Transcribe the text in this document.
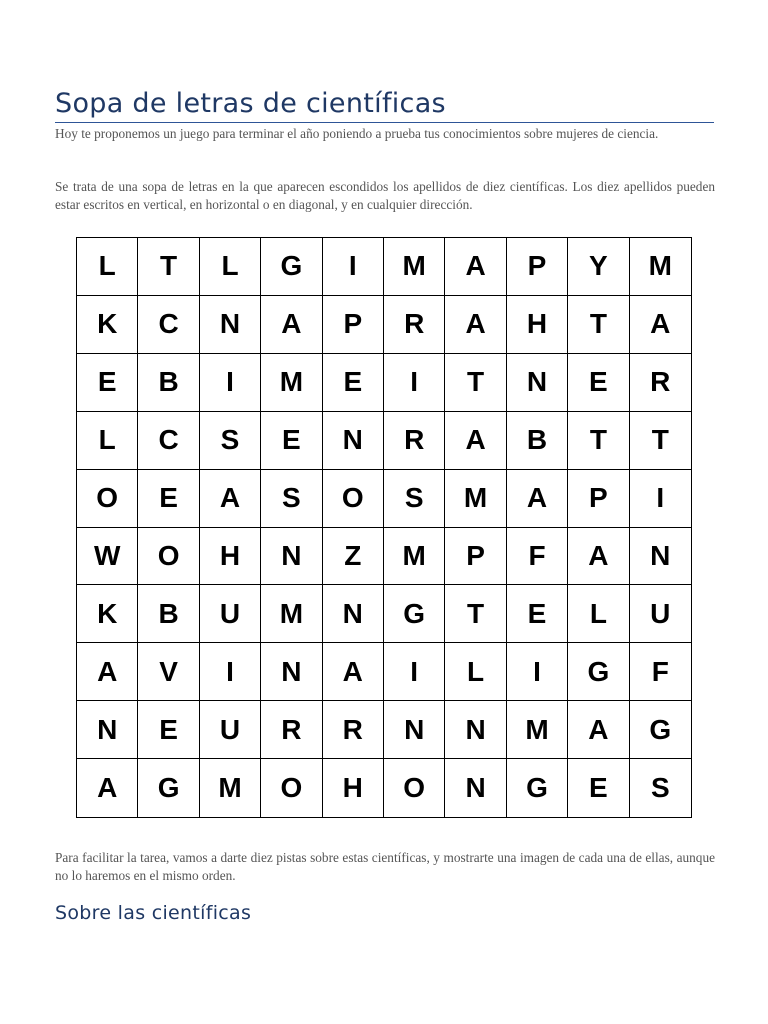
Sopa de letras de científicas

Hoy te proponemos un juego para terminar el año poniendo a prueba tus conocimientos sobre mujeres de ciencia.

Se trata de una sopa de letras en la que aparecen escondidos los apellidos de diez científicas. Los diez apellidos pueden estar escritos en vertical, en horizontal o en diagonal, y en cualquier dirección.

L	T	L	G	I	M	A	P	Y	M
K	C	N	A	P	R	A	H	T	A
E	B	I	M	E	I	T	N	E	R
L	C	S	E	N	R	A	B	T	T
O	E	A	S	O	S	M	A	P	I
W	O	H	N	Z	M	P	F	A	N
K	B	U	M	N	G	T	E	L	U
A	V	I	N	A	I	L	I	G	F
N	E	U	R	R	N	N	M	A	G
A	G	M	O	H	O	N	G	E	S

Para facilitar la tarea, vamos a darte diez pistas sobre estas científicas, y mostrarte una imagen de cada una de ellas, aunque no lo haremos en el mismo orden.

Sobre las científicas
